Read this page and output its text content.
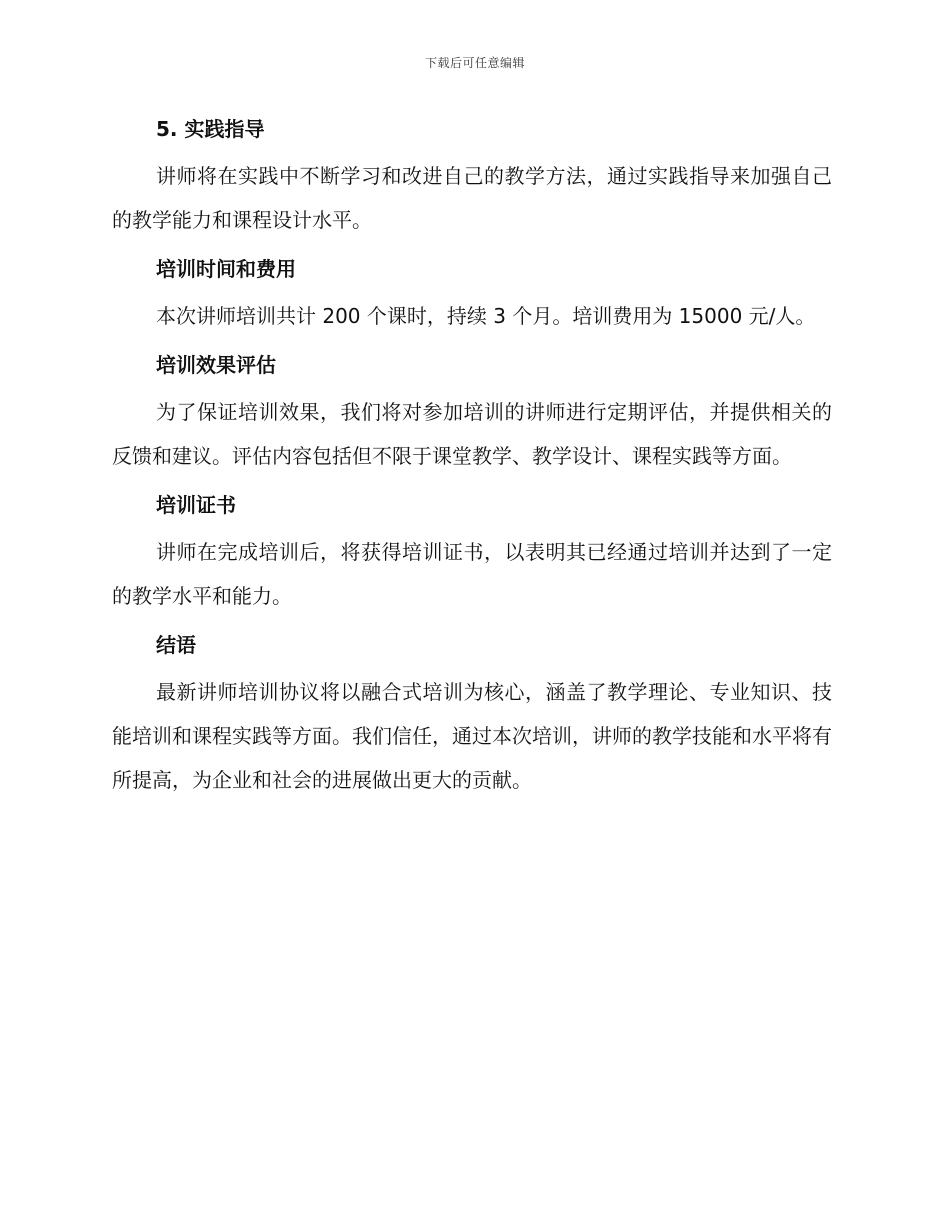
下载后可任意编辑
5. 实践指导

讲师将在实践中不断学习和改进自己的教学方法，通过实践指导来加强自己的教学能力和课程设计水平。

培训时间和费用

本次讲师培训共计 200 个课时，持续 3 个月。培训费用为 15000 元/人。

培训效果评估

为了保证培训效果，我们将对参加培训的讲师进行定期评估，并提供相关的反馈和建议。评估内容包括但不限于课堂教学、教学设计、课程实践等方面。

培训证书

讲师在完成培训后，将获得培训证书，以表明其已经通过培训并达到了一定的教学水平和能力。

结语

最新讲师培训协议将以融合式培训为核心，涵盖了教学理论、专业知识、技能培训和课程实践等方面。我们信任，通过本次培训，讲师的教学技能和水平将有所提高，为企业和社会的进展做出更大的贡献。
